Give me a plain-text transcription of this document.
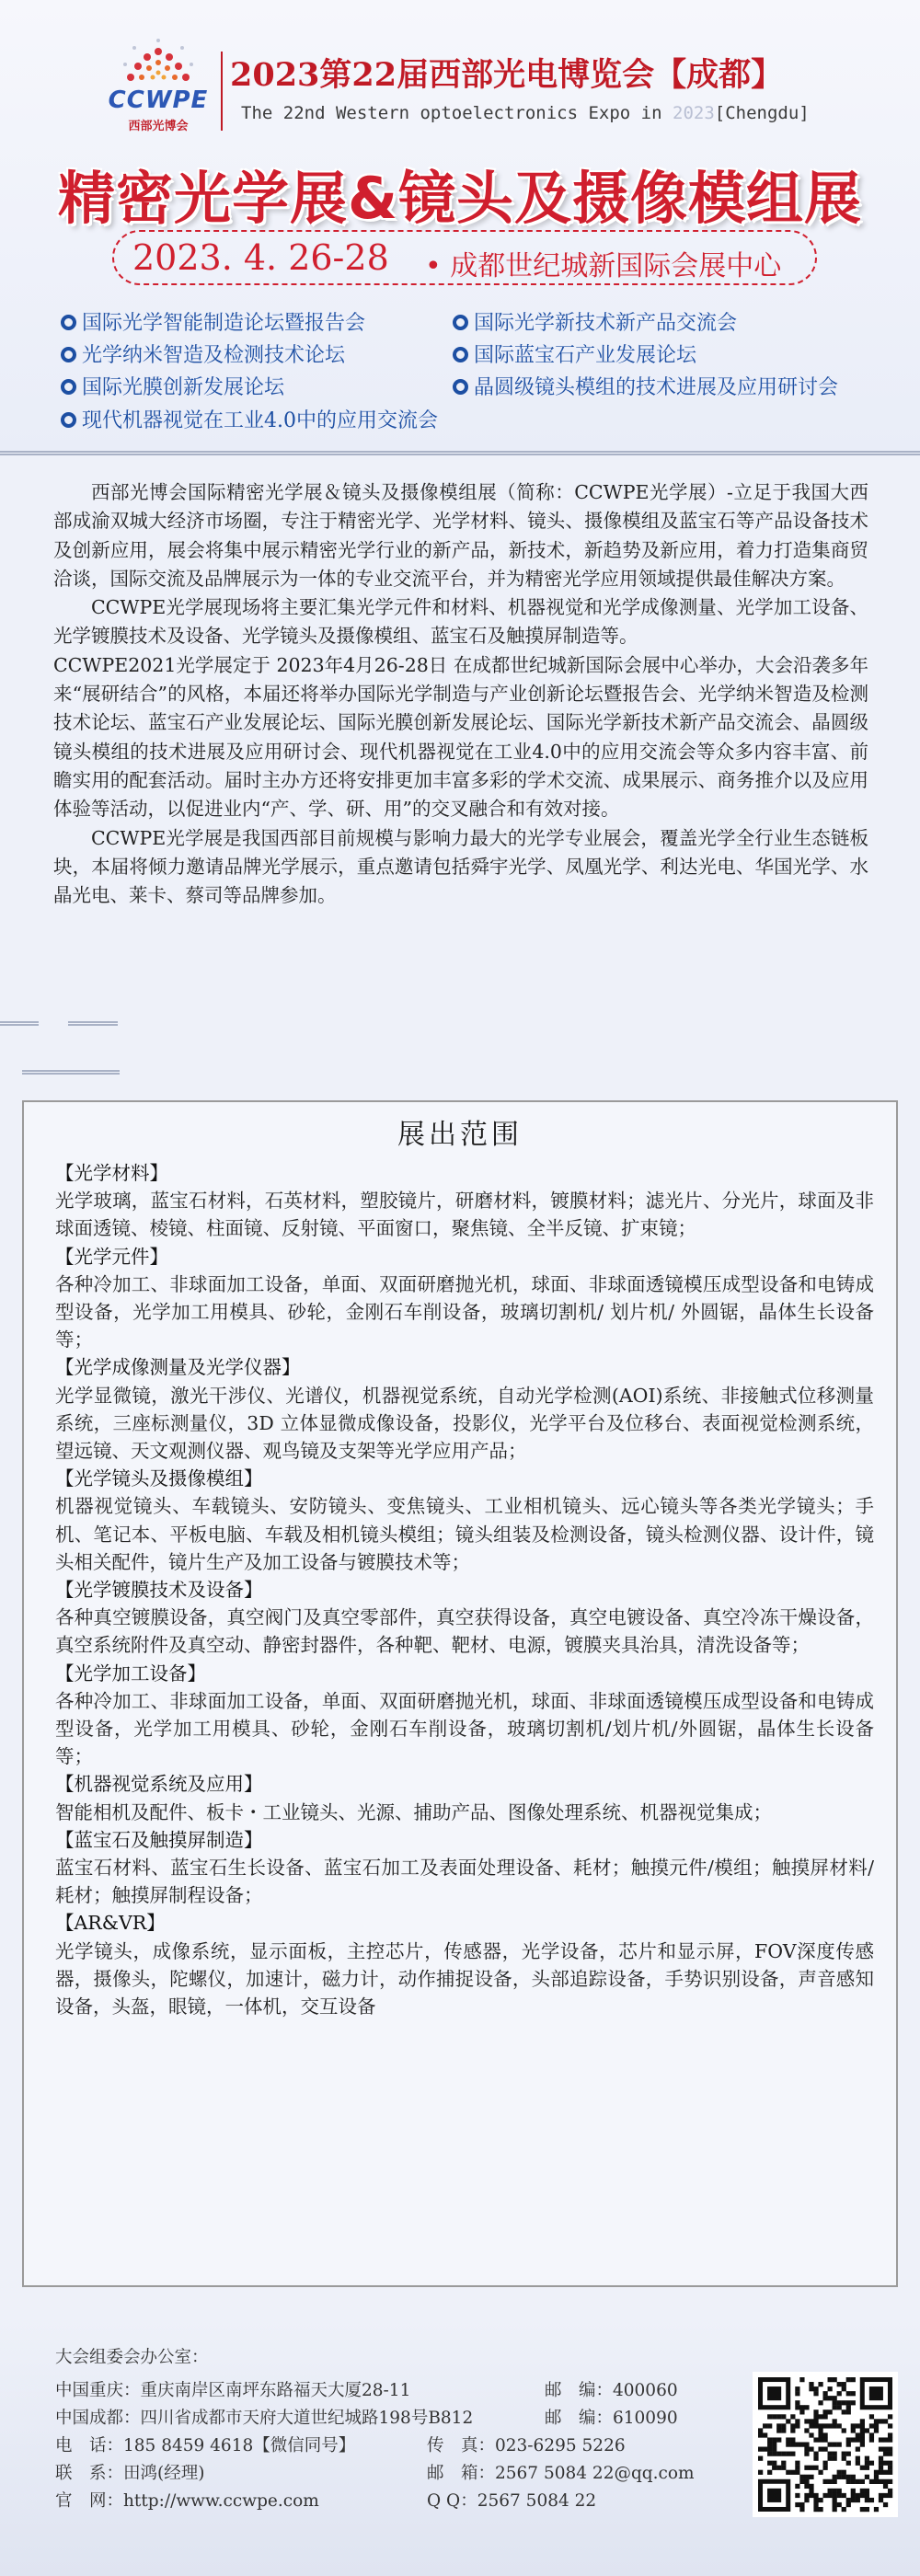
CCWPE
西部光博会
2023第22届西部光电博览会【成都】
The 22nd Western optoelectronics Expo in 2023[Chengdu]
精密光学展&镜头及摄像模组展
2023. 4. 26-28 • 成都世纪城新国际会展中心
国际光学智能制造论坛暨报告会	国际光学新技术新产品交流会
光学纳米智造及检测技术论坛	国际蓝宝石产业发展论坛
国际光膜创新发展论坛	晶圆级镜头模组的技术进展及应用研讨会
现代机器视觉在工业4.0中的应用交流会

西部光博会国际精密光学展＆镜头及摄像模组展（简称：CCWPE光学展）-立足于我国大西部成渝双城大经济市场圈，专注于精密光学、光学材料、镜头、摄像模组及蓝宝石等产品设备技术及创新应用，展会将集中展示精密光学行业的新产品，新技术，新趋势及新应用，着力打造集商贸洽谈，国际交流及品牌展示为一体的专业交流平台，并为精密光学应用领域提供最佳解决方案。

CCWPE光学展现场将主要汇集光学元件和材料、机器视觉和光学成像测量、光学加工设备、光学镀膜技术及设备、光学镜头及摄像模组、蓝宝石及触摸屏制造等。

CCWPE2021光学展定于 2023年4月26-28日 在成都世纪城新国际会展中心举办，大会沿袭多年来“展研结合”的风格，本届还将举办国际光学制造与产业创新论坛暨报告会、光学纳米智造及检测技术论坛、蓝宝石产业发展论坛、国际光膜创新发展论坛、国际光学新技术新产品交流会、晶圆级镜头模组的技术进展及应用研讨会、现代机器视觉在工业4.0中的应用交流会等众多内容丰富、前瞻实用的配套活动。届时主办方还将安排更加丰富多彩的学术交流、成果展示、商务推介以及应用体验等活动，以促进业内“产、学、研、用”的交叉融合和有效对接。

CCWPE光学展是我国西部目前规模与影响力最大的光学专业展会，覆盖光学全行业生态链板块，本届将倾力邀请品牌光学展示，重点邀请包括舜宇光学、凤凰光学、利达光电、华国光学、水晶光电、莱卡、蔡司等品牌参加。

展出范围
【光学材料】
光学玻璃，蓝宝石材料，石英材料，塑胶镜片，研磨材料，镀膜材料；滤光片、分光片，球面及非球面透镜、棱镜、柱面镜、反射镜、平面窗口，聚焦镜、全半反镜、扩束镜；
【光学元件】
各种冷加工、非球面加工设备，单面、双面研磨抛光机，球面、非球面透镜模压成型设备和电铸成型设备，光学加工用模具、砂轮，金刚石车削设备，玻璃切割机/ 划片机/ 外圆锯，晶体生长设备等；
【光学成像测量及光学仪器】
光学显微镜，激光干涉仪、光谱仪，机器视觉系统，自动光学检测(AOI)系统、非接触式位移测量系统，三座标测量仪，3D 立体显微成像设备，投影仪，光学平台及位移台、表面视觉检测系统，望远镜、天文观测仪器、观鸟镜及支架等光学应用产品；
【光学镜头及摄像模组】
机器视觉镜头、车载镜头、安防镜头、变焦镜头、工业相机镜头、远心镜头等各类光学镜头；手机、笔记本、平板电脑、车载及相机镜头模组；镜头组装及检测设备，镜头检测仪器、设计件，镜头相关配件，镜片生产及加工设备与镀膜技术等；
【光学镀膜技术及设备】
各种真空镀膜设备，真空阀门及真空零部件，真空获得设备，真空电镀设备、真空冷冻干燥设备，真空系统附件及真空动、静密封器件，各种靶、靶材、电源，镀膜夹具治具，清洗设备等；
【光学加工设备】
各种冷加工、非球面加工设备，单面、双面研磨抛光机，球面、非球面透镜模压成型设备和电铸成型设备，光学加工用模具、砂轮，金刚石车削设备，玻璃切割机/划片机/外圆锯，晶体生长设备等；
【机器视觉系统及应用】
智能相机及配件、板卡・工业镜头、光源、捕助产品、图像处理系统、机器视觉集成；
【蓝宝石及触摸屏制造】
蓝宝石材料、蓝宝石生长设备、蓝宝石加工及表面处理设备、耗材；触摸元件/模组；触摸屏材料/耗材；触摸屏制程设备；
【AR&VR】
光学镜头，成像系统，显示面板，主控芯片，传感器，光学设备，芯片和显示屏，FOV深度传感器，摄像头，陀螺仪，加速计，磁力计，动作捕捉设备，头部追踪设备，手势识别设备，声音感知设备，头盔，眼镜，一体机，交互设备
大会组委会办公室：
中国重庆：重庆南岸区南坪东路福天大厦28-11	邮　编：400060
中国成都：四川省成都市天府大道世纪城路198号B812	邮　编：610090
电　话：185 8459 4618【微信同号】	传　真：023-6295 5226
联　系：田鸿(经理)	邮　箱：2567 5084 22@qq.com
官　网：http://www.ccwpe.com	Q Q：2567 5084 22
